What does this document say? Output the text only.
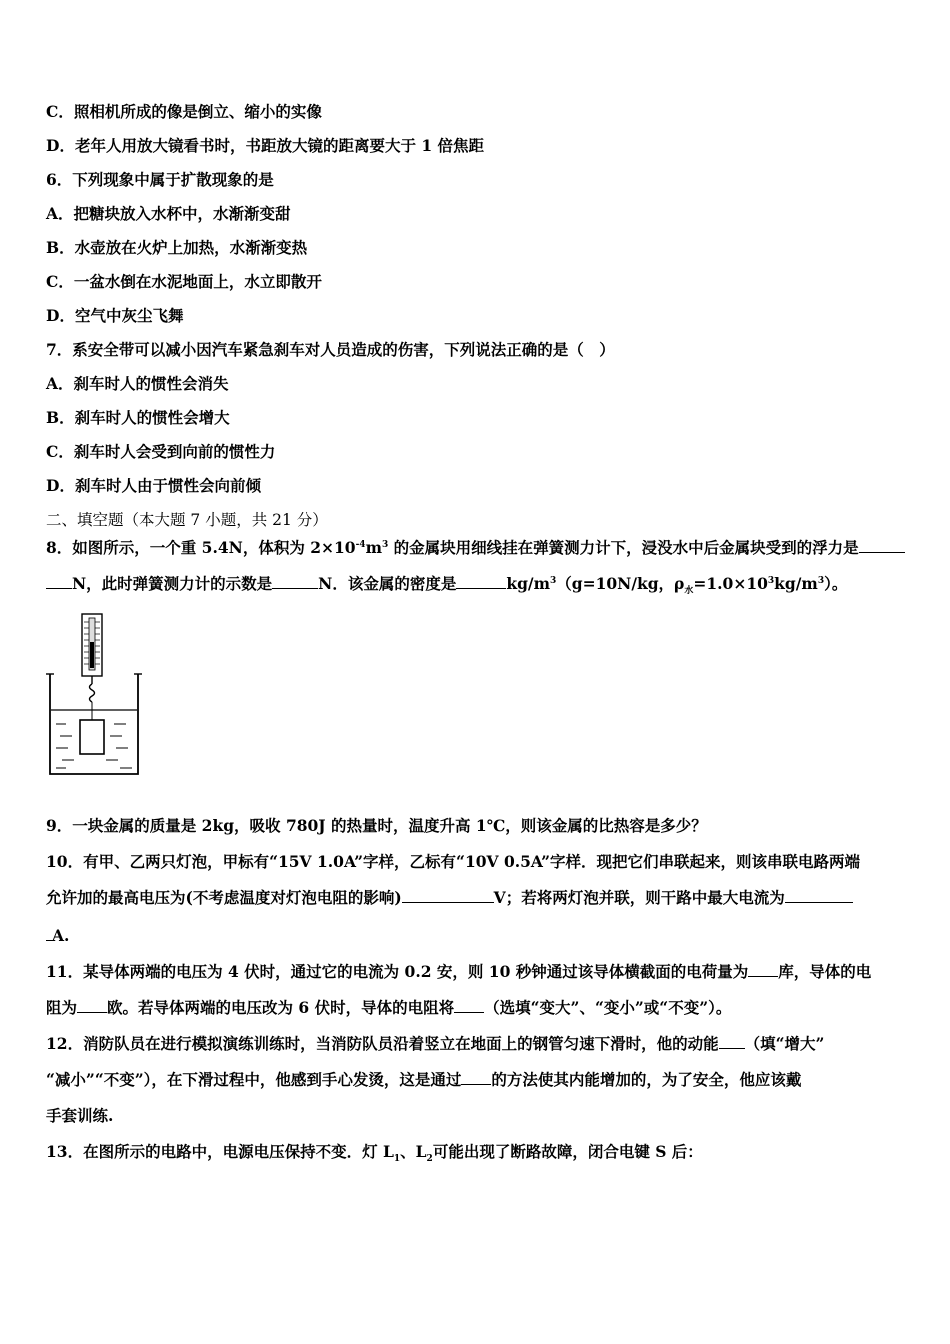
C．照相机所成的像是倒立、缩小的实像
D．老年人用放大镜看书时，书距放大镜的距离要大于 1 倍焦距
6．下列现象中属于扩散现象的是
A．把糖块放入水杯中，水渐渐变甜
B．水壶放在火炉上加热，水渐渐变热
C．一盆水倒在水泥地面上，水立即散开
D．空气中灰尘飞舞
7．系安全带可以减小因汽车紧急刹车对人员造成的伤害，下列说法正确的是（　）
A．刹车时人的惯性会消失
B．刹车时人的惯性会增大
C．刹车时人会受到向前的惯性力
D．刹车时人由于惯性会向前倾
二、填空题（本大题 7 小题，共 21 分）
8．如图所示，一个重 5.4N，体积为 $2\times 10^{-4}m^3$ 的金属块用细线挂在弹簧测力计下，浸没水中后金属块受到的浮力是
N，此时弹簧测力计的示数是	N．该金属的密度是	$kg/m^3(g=10N/kg$，$\rho_水=1.0\times 10^3kg/m^3$）。
9．一块金属的质量是 2kg，吸收 780J 的热量时，温度升高 1℃，则该金属的比热容是多少？
10．有甲、乙两只灯泡，甲标有“15V 1.0A”字样，乙标有“10V 0.5A”字样．现把它们串联起来，则该串联电路两端
允许加的最高电压为(不考虑温度对灯泡电阻的影响)	V；若将两灯泡并联，则干路中最大电流为
A.
11．某导体两端的电压为 4 伏时，通过它的电流为 0.2 安，则 10 秒钟通过该导体横截面的电荷量为 库，导体的电
阻为 欧。若导体两端的电压改为 6 伏时，导体的电阻将 （选填“变大”、“变小”或“不变”）。
12．消防队员在进行模拟演练训练时，当消防队员沿着竖立在地面上的钢管匀速下滑时，他的动能 （填“增大”
“减小”“不变”），在下滑过程中，他感到手心发烫，这是通过 的方法使其内能增加的，为了安全，他应该戴
手套训练.
13．在图所示的电路中，电源电压保持不变．灯 $L_1$、$L_2$可能出现了断路故障，闭合电键 S 后：
